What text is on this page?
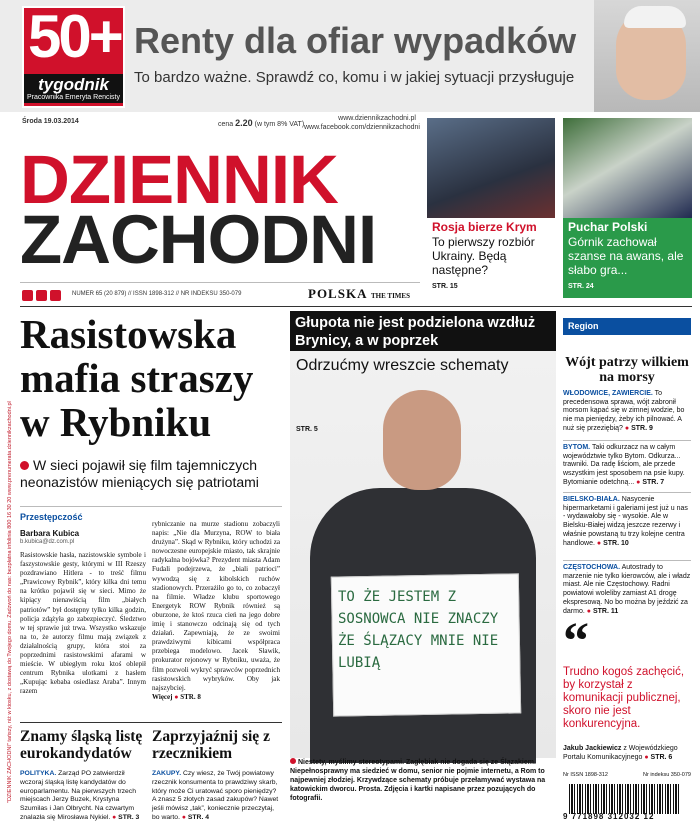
"DZIENNIK ZACHODNI" tańszy, niż w kiosku, z dostawą do Twojego domu. Zadzwoń do nas: bezpłatna infolinia 800 16 30 20 www.prenumerata.dziennikzachodni.pl
50+
tygodnik
Pracownika Emeryta Rencisty
Renty dla ofiar wypadków
To bardzo ważne. Sprawdź co, komu i w jakiej sytuacji przysługuje
Środa 19.03.2014	cena 2.20 (w tym 8% VAT)
www.dziennikzachodni.pl
www.facebook.com/dziennikzachodni
DZIENNIK
ZACHODNI
NUMER 65 (20 879) // ISSN 1898-312 // NR INDEKSU 350-079	POLSKA THE TIMES
Rosja bierze Krym
To pierwszy rozbiór Ukrainy. Będą następne?
STR. 15
Puchar Polski
Górnik zachował szanse na awans, ale słabo gra...
STR. 24
Rasistowska mafia straszy w Rybniku
W sieci pojawił się film tajemniczych neonazistów mieniących się patriotami
Przestępczość
Barbara Kubica
b.kubica@dz.com.pl
Rasistowskie hasła, nazistowskie symbole i faszystowskie gesty, którymi w III Rzeszy pozdrawiano Hitlera - to treść filmu „Prawicowy Rybnik”, który kilka dni temu na krótko pojawił się w sieci. Mimo że kipiący nienawiścią film „białych patriotów” był dostępny tylko kilka godzin, policja zdążyła go zabezpieczyć. Śledztwo w tej sprawie już trwa. Wszystko wskazuje na to, że autorzy filmu mają związek z działalnością grupy, która stoi za poprzednimi rasistowskimi afarami w mieście. W ubiegłym roku ktoś oblepił centrum Rybnika ulotkami z hasłem „Kupując kebaba osiedlasz Araba”. Innym razem
rybniczanie na murze stadionu zobaczyli napis: „Nie dla Murzyna, ROW to biała drużyna”. Skąd w Rybniku, który uchodzi za nowoczesne europejskie miasto, tak skrajnie radykalna bojówka? Prezydent miasta Adam Fudali podejrzewa, że „biali patrioci” wywodzą się z kibolskich ruchów stadionowych. Przerażiło go to, co zobaczył na filmie. Władze klubu sportowego Energetyk ROW Rybnik również są oburzone, że ktoś rzuca cień na jego dobre imię i stanowczo odcinają się od tych działań. Zapewniają, że ze swoimi prawdziwymi kibicami współpraca przebiega modelowo. Jacek Sławik, prokurator rejonowy w Rybniku, uważa, że film pozwoli wykryć sprawców poprzednich rasistowskich wybryków. Oby jak najszybciej.
Więcej ● STR. 8
Znamy śląską listę eurokandydatów
Zaprzyjaźnij się z rzecznikiem
POLITYKA. Zarząd PO zatwierdził wczoraj śląską listę kandydatów do europarlamentu. Na pierwszych trzech miejscach Jerzy Buzek, Krystyna Szumilas i Jan Olbrycht. Na czwartym znalazła się Mirosława Nykiel. ● STR. 3
ZAKUPY. Czy wiesz, że Twój powiatowy rzecznik konsumenta to prawdziwy skarb, który może Ci uratować sporo pieniędzy? A znasz 5 złotych zasad zakupów? Nawet jeśli mówisz „tak”, koniecznie przeczytaj, bo warto. ● STR. 4
Głupota nie jest podzielona wzdłuż Brynicy, a w poprzek
Odrzućmy wreszcie schematy
STR. 5
TO ŻE JESTEM Z SOSNOWCA NIE ZNACZY ŻE ŚLĄZACY MNIE NIE LUBIĄ
Niestety, myślimy stereotypami. Zagłębiak nie dogada się ze Ślązakiem. Niepełnosprawny ma siedzieć w domu, senior nie pojmie internetu, a Rom to najpewniej złodziej. Krzywdzące schematy próbuje przełamywać wystawa na katowickim dworcu. Prosta. Zdjęcia i kartki napisane przez pozujących do fotografii.
Region
Wójt patrzy wilkiem na morsy
WŁODOWICE, ZAWIERCIE. To precedensowa sprawa, wójt zabronił morsom kąpać się w zimnej wodzie, bo nie ma pieniędzy, żeby ich pilnować. A nuż się przeziębią? ● STR. 9
BYTOM. Taki odkurzacz na w całym województwie tylko Bytom. Odkurza... trawniki. Da radę liściom, ale przede wszystkim jest sposobem na psie kupy. Bytomianie odetchną... ● STR. 7
BIELSKO-BIAŁA. Nasycenie hipermarketami i galeriami jest już u nas - wydawałoby się - wysokie. Ale w Bielsku-Białej widzą jeszcze rezerwy i właśnie powstaną tu trzy kolejne centra handlowe. ● STR. 10
CZĘSTOCHOWA. Autostrady to marzenie nie tylko kierowców, ale i władz miast. Ale nie Częstochowy. Radni powiatowi woleliby zamiast A1 drogę ekspresową. No bo można by jeździć za darmo. ● STR. 11
“
Trudno kogoś zachęcić, by korzystał z komunikacji publicznej, skoro nie jest konkurencyjna.
Jakub Jackiewicz z Wojewódzkiego Portalu Komunikacyjnego ● STR. 6
Nr ISSN 1898-312	Nr indeksu 350-079
9 771898 312032 12
